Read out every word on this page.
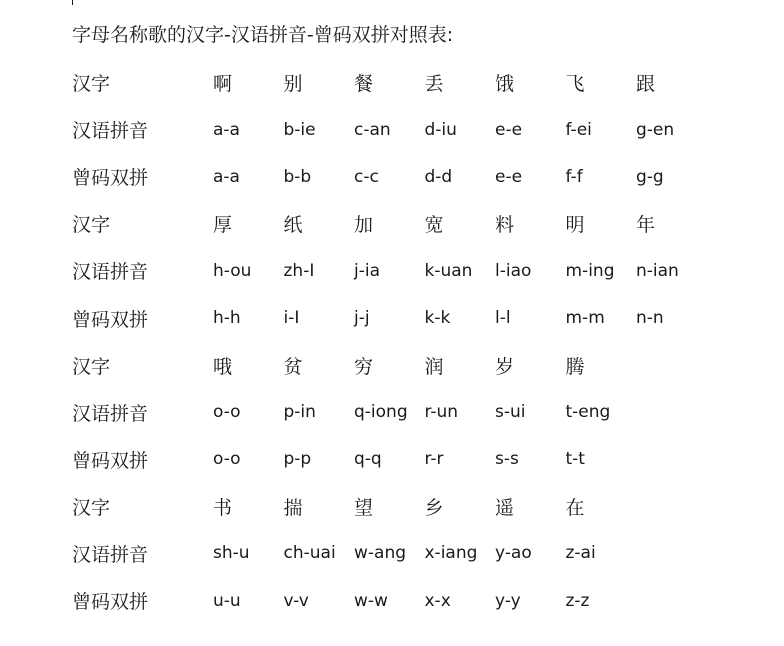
字母名称歌的汉字-汉语拼音-曾码双拼对照表:
汉字	啊	别	餐	丢	饿	飞	跟
汉语拼音	a-a	b-ie	c-an	d-iu	e-e	f-ei	g-en
曾码双拼	a-a	b-b	c-c	d-d	e-e	f-f	g-g
汉字	厚	纸	加	宽	料	明	年
汉语拼音	h-ou	zh-I	j-ia	k-uan	l-iao	m-ing	n-ian
曾码双拼	h-h	i-I	j-j	k-k	l-l	m-m	n-n
汉字	哦	贫	穷	润	岁	腾	
汉语拼音	o-o	p-in	q-iong	r-un	s-ui	t-eng	
曾码双拼	o-o	p-p	q-q	r-r	s-s	t-t	
汉字	书	揣	望	乡	遥	在	
汉语拼音	sh-u	ch-uai	w-ang	x-iang	y-ao	z-ai	
曾码双拼	u-u	v-v	w-w	x-x	y-y	z-z	
